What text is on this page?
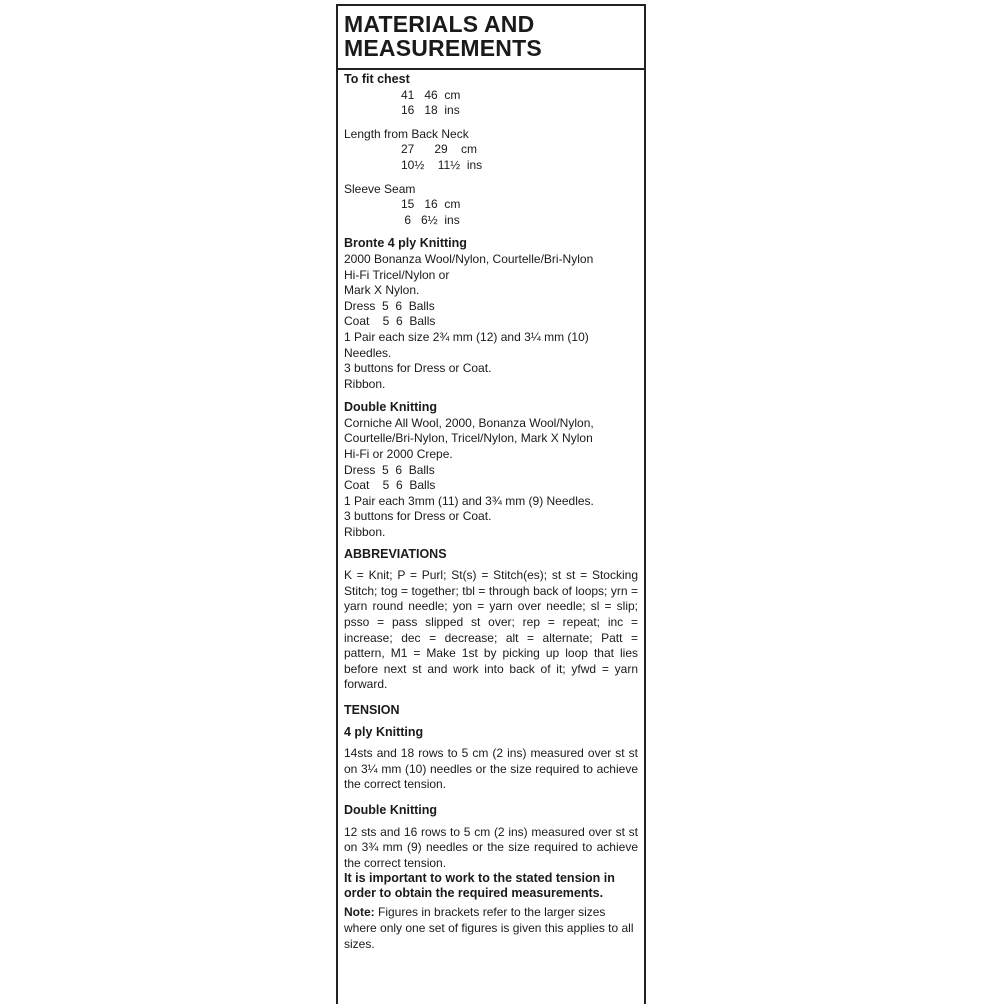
MATERIALS AND
MEASUREMENTS
To fit chest
41   46  cm
16   18  ins
Length from Back Neck
27      29    cm
10½    11½  ins
Sleeve Seam
15   16  cm
6   6½  ins
Bronte 4 ply Knitting
2000 Bonanza Wool/Nylon, Courtelle/Bri-Nylon
Hi-Fi Tricel/Nylon or
Mark X Nylon.
Dress  5  6  Balls
Coat    5  6  Balls
1 Pair each size 2¾ mm (12) and 3¼ mm (10)
Needles.
3 buttons for Dress or Coat.
Ribbon.
Double Knitting
Corniche All Wool, 2000, Bonanza Wool/Nylon,
Courtelle/Bri-Nylon, Tricel/Nylon, Mark X Nylon
Hi-Fi or 2000 Crepe.
Dress  5  6  Balls
Coat    5  6  Balls
1 Pair each 3mm (11) and 3¾ mm (9) Needles.
3 buttons for Dress or Coat.
Ribbon.
ABBREVIATIONS

K = Knit; P = Purl; St(s) = Stitch(es); st st = Stocking Stitch; tog = together; tbl = through back of loops; yrn = yarn round needle; yon = yarn over needle; sl = slip; psso = pass slipped st over; rep = repeat; inc = increase; dec = decrease; alt = alternate; Patt = pattern, M1 = Make 1st by picking up loop that lies before next st and work into back of it; yfwd = yarn forward.

TENSION
4 ply Knitting

14sts and 18 rows to 5 cm (2 ins) measured over st st on 3¼ mm (10) needles or the size required to achieve the correct tension.

Double Knitting

12 sts and 16 rows to 5 cm (2 ins) measured over st st on 3¾ mm (9) needles or the size required to achieve the correct tension.

It is important to work to the stated tension in order to obtain the required measurements.

Note: Figures in brackets refer to the larger sizes where only one set of figures is given this applies to all sizes.
